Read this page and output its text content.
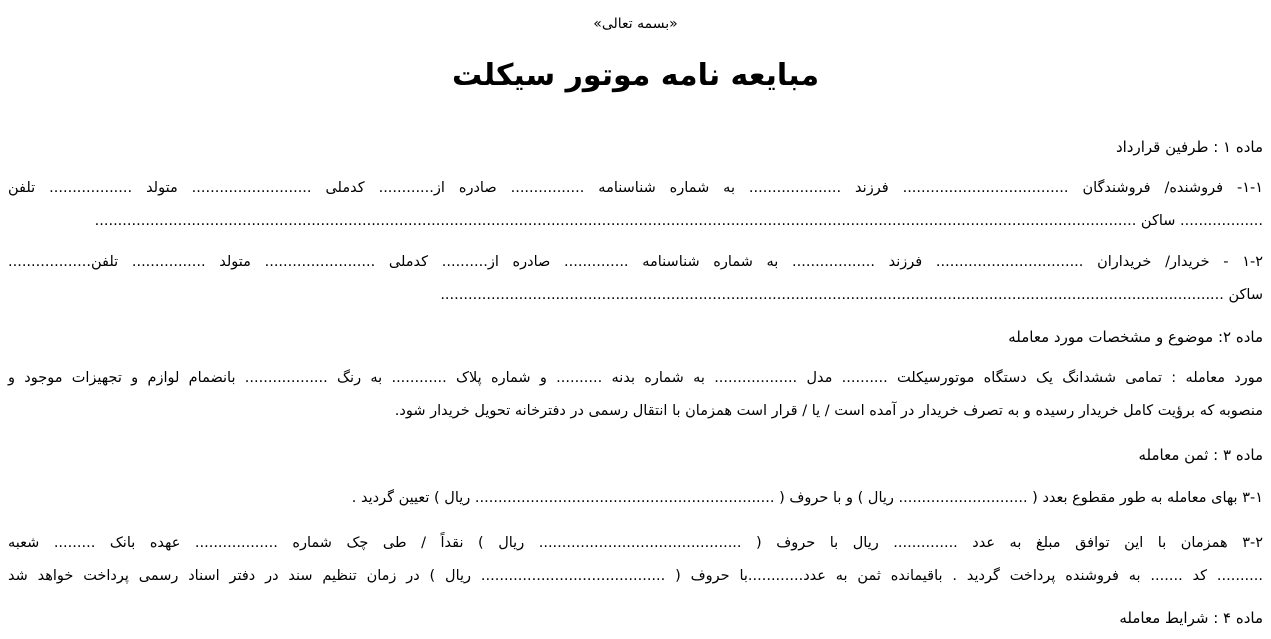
«بسمه تعالی»
مبایعه نامه موتور سیکلت
ماده ۱ : طرفین قرارداد
۱-۱- فروشنده/ فروشندگان .................................... فرزند .................... به شماره شناسنامه ................ صادره از............ کدملی .......................... متولد .................. تلفن
.................. ساکن ..................................................................................................................................................................................................................................
۱-۲ - خریدار/ خریداران ................................ فرزند .................. به شماره شناسنامه .............. صادره از.......... کدملی ........................ متولد ................ تلفن..................
ساکن ..........................................................................................................................................................................
ماده ۲: موضوع و مشخصات مورد معامله
مورد معامله : تمامی ششدانگ یک دستگاه موتورسیکلت .......... مدل .................. به شماره بدنه .......... و شماره پلاک ............ به رنگ .................. بانضمام لوازم و تجهیزات موجود و
منصوبه که برؤیت کامل خریدار رسیده و به تصرف خریدار در آمده است / یا / قرار است همزمان با انتقال رسمی در دفترخانه تحویل خریدار شود.
ماده ۳ : ثمن معامله
۳-۱ بهای معامله به طور مقطوع بعدد ( ............................ ریال ) و با حروف ( ................................................................. ریال ) تعیین گردید .
۳-۲ همزمان با این توافق مبلغ به عدد .............. ریال با حروف ( ............................................ ریال ) نقداً / طی چک شماره .................. عهده بانک ......... شعبه
.......... کد ....... به فروشنده پرداخت گردید . باقیمانده ثمن به عدد............با حروف ( ........................................ ریال ) در زمان تنظیم سند در دفتر اسناد رسمی پرداخت خواهد شد
ماده ۴ : شرایط معامله
